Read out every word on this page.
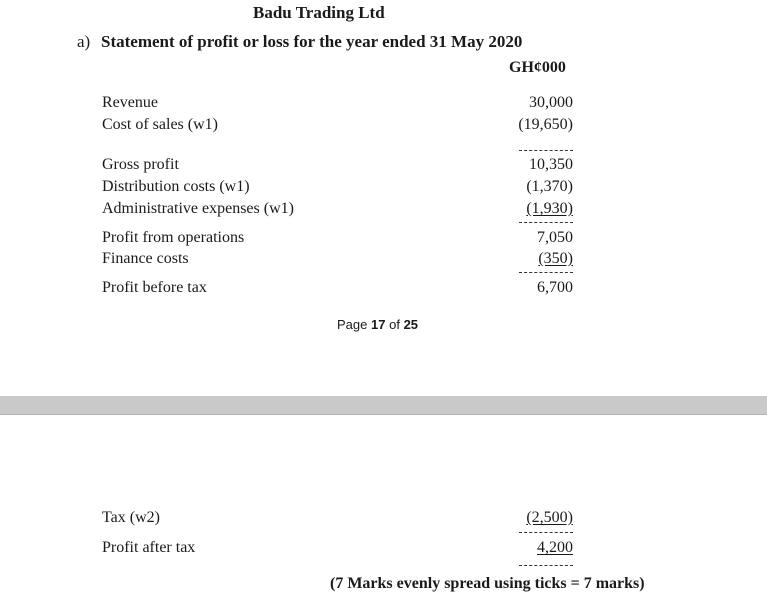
Badu Trading Ltd
a) Statement of profit or loss for the year ended 31 May 2020
GH¢000
Revenue	30,000
Cost of sales (w1)	(19,650)
Gross profit	10,350
Distribution costs (w1)	(1,370)
Administrative expenses (w1)	(1,930)
Profit from operations	7,050
Finance costs	(350)
Profit before tax	6,700
Page 17 of 25
Tax (w2)	(2,500)
Profit after tax	4,200
(7 Marks evenly spread using ticks = 7 marks)
